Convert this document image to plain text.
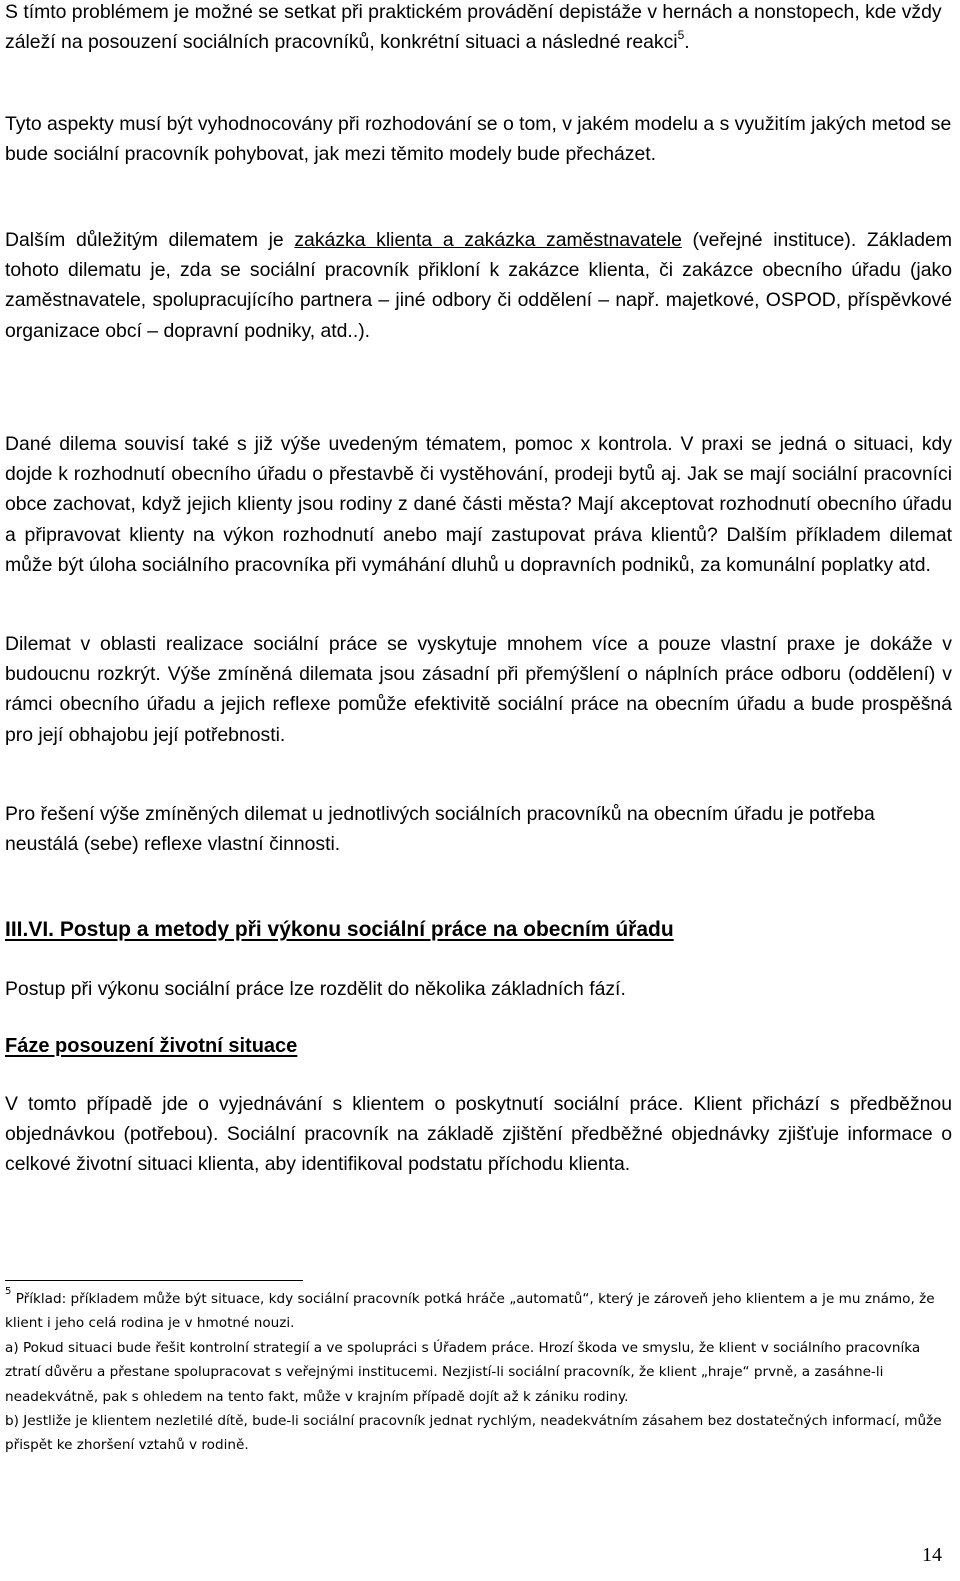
S tímto problémem je možné se setkat při praktickém provádění depistáže v hernách a nonstopech, kde vždy záleží na posouzení sociálních pracovníků, konkrétní situaci a následné reakci$^5$.

Tyto aspekty musí být vyhodnocovány při rozhodování se o tom, v jakém modelu a s využitím jakých metod se bude sociální pracovník pohybovat, jak mezi těmito modely bude přecházet.

Dalším důležitým dilematem je zakázka klienta a zakázka zaměstnavatele (veřejné instituce). Základem tohoto dilematu je, zda se sociální pracovník přikloní k zakázce klienta, či zakázce obecního úřadu (jako zaměstnavatele, spolupracujícího partnera – jiné odbory či oddělení – např. majetkové, OSPOD, příspěvkové organizace obcí – dopravní podniky, atd..).

Dané dilema souvisí také s již výše uvedeným tématem, pomoc x kontrola. V praxi se jedná o situaci, kdy dojde k rozhodnutí obecního úřadu o přestavbě či vystěhování, prodeji bytů aj. Jak se mají sociální pracovníci obce zachovat, když jejich klienty jsou rodiny z dané části města? Mají akceptovat rozhodnutí obecního úřadu a připravovat klienty na výkon rozhodnutí anebo mají zastupovat práva klientů? Dalším příkladem dilemat může být úloha sociálního pracovníka při vymáhání dluhů u dopravních podniků, za komunální poplatky atd.

Dilemat v oblasti realizace sociální práce se vyskytuje mnohem více a pouze vlastní praxe je dokáže v budoucnu rozkrýt. Výše zmíněná dilemata jsou zásadní při přemýšlení o náplních práce odboru (oddělení) v rámci obecního úřadu a jejich reflexe pomůže efektivitě sociální práce na obecním úřadu a bude prospěšná pro její obhajobu její potřebnosti.

Pro řešení výše zmíněných dilemat u jednotlivých sociálních pracovníků na obecním úřadu je potřeba neustálá (sebe) reflexe vlastní činnosti.

III.VI. Postup a metody při výkonu sociální práce na obecním úřadu

Postup při výkonu sociální práce lze rozdělit do několika základních fází.

Fáze posouzení životní situace

V tomto případě jde o vyjednávání s klientem o poskytnutí sociální práce. Klient přichází s předběžnou objednávkou (potřebou). Sociální pracovník na základě zjištění předběžné objednávky zjišťuje informace o celkové životní situaci klienta, aby identifikoval podstatu příchodu klienta.

$^5$ Příklad: příkladem může být situace, kdy sociální pracovník potká hráče „automatů“, který je zároveň jeho klientem a je mu známo, že klient i jeho celá rodina je v hmotné nouzi.

a) Pokud situaci bude řešit kontrolní strategií a ve spolupráci s Úřadem práce. Hrozí škoda ve smyslu, že klient v sociálního pracovníka ztratí důvěru a přestane spolupracovat s veřejnými institucemi. Nezjistí-li sociální pracovník, že klient „hraje“ prvně, a zasáhne-li neadekvátně, pak s ohledem na tento fakt, může v krajním případě dojít až k zániku rodiny.

b) Jestliže je klientem nezletilé dítě, bude-li sociální pracovník jednat rychlým, neadekvátním zásahem bez dostatečných informací, může přispět ke zhoršení vztahů v rodině.

14
